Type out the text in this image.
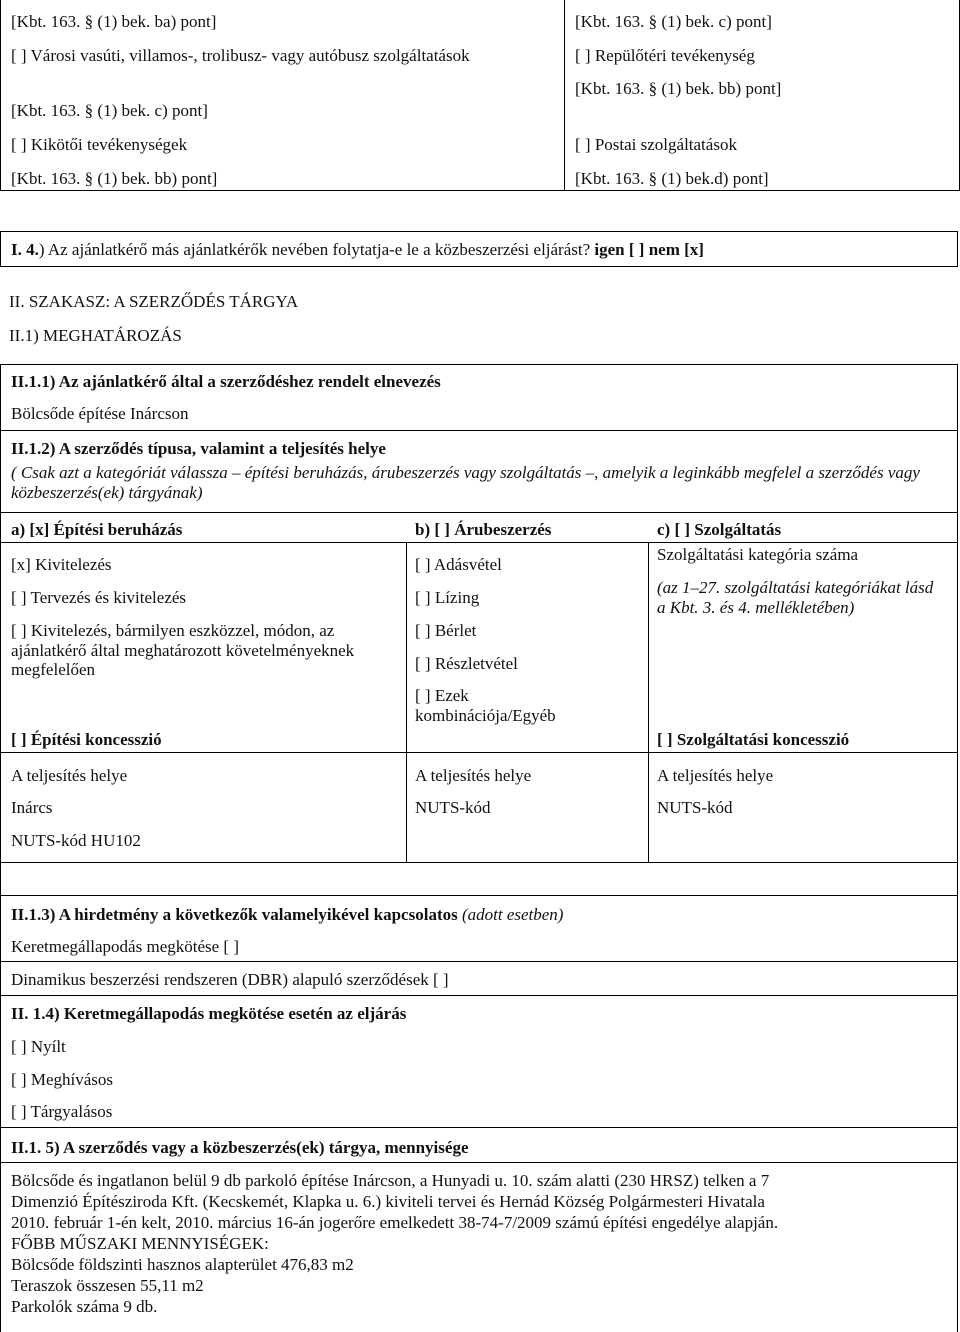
[Kbt. 163. § (1) bek. ba) pont]
[ ] Városi vasúti, villamos-, trolibusz- vagy autóbusz szolgáltatások
[Kbt. 163. § (1) bek. c) pont]
[ ] Kikötői tevékenységek
[Kbt. 163. § (1) bek. bb) pont]
[Kbt. 163. § (1) bek. c) pont]
[ ] Repülőtéri tevékenység
[Kbt. 163. § (1) bek. bb) pont]
[ ] Postai szolgáltatások
[Kbt. 163. § (1) bek.d) pont]
I. 4.) Az ajánlatkérő más ajánlatkérők nevében folytatja-e le a közbeszerzési eljárást? igen [ ] nem [x]
II. SZAKASZ: A SZERZŐDÉS TÁRGYA
II.1) MEGHATÁROZÁS
II.1.1) Az ajánlatkérő által a szerződéshez rendelt elnevezés
Bölcsőde építése Inárcson
II.1.2) A szerződés típusa, valamint a teljesítés helye
( Csak azt a kategóriát válassza – építési beruházás, árubeszerzés vagy szolgáltatás –, amelyik a leginkább megfelel a szerződés vagy közbeszerzés(ek) tárgyának)
a) [x] Építési beruházás	b) [ ] Árubeszerzés	c) [ ] Szolgáltatás
[x] Kivitelezés
[ ] Tervezés és kivitelezés
[ ] Kivitelezés, bármilyen eszközzel, módon, az ajánlatkérő által meghatározott követelményeknek megfelelően
[ ] Építési koncesszió
[ ] Adásvétel
[ ] Lízing
[ ] Bérlet
[ ] Részletvétel
[ ] Ezek kombinációja/Egyéb
Szolgáltatási kategória száma
(az 1–27. szolgáltatási kategóriákat lásd a Kbt. 3. és 4. mellékletében)
[ ] Szolgáltatási koncesszió
A teljesítés helye
Inárcs
NUTS-kód HU102
A teljesítés helye
NUTS-kód
A teljesítés helye
NUTS-kód
II.1.3) A hirdetmény a következők valamelyikével kapcsolatos (adott esetben)
Keretmegállapodás megkötése [ ]
Dinamikus beszerzési rendszeren (DBR) alapuló szerződések [ ]
II. 1.4) Keretmegállapodás megkötése esetén az eljárás
[ ] Nyílt
[ ] Meghívásos
[ ] Tárgyalásos
II.1. 5) A szerződés vagy a közbeszerzés(ek) tárgya, mennyisége
Bölcsőde és ingatlanon belül 9 db parkoló építése Inárcson, a Hunyadi u. 10. szám alatti (230 HRSZ) telken a 7
Dimenzió Építésziroda Kft. (Kecskemét, Klapka u. 6.) kiviteli tervei és Hernád Község Polgármesteri Hivatala
2010. február 1-én kelt, 2010. március 16-án jogerőre emelkedett 38-74-7/2009 számú építési engedélye alapján.
FŐBB MŰSZAKI MENNYISÉGEK:
Bölcsőde földszinti hasznos alapterület 476,83 m2
Teraszok összesen 55,11 m2
Parkolók száma 9 db.
